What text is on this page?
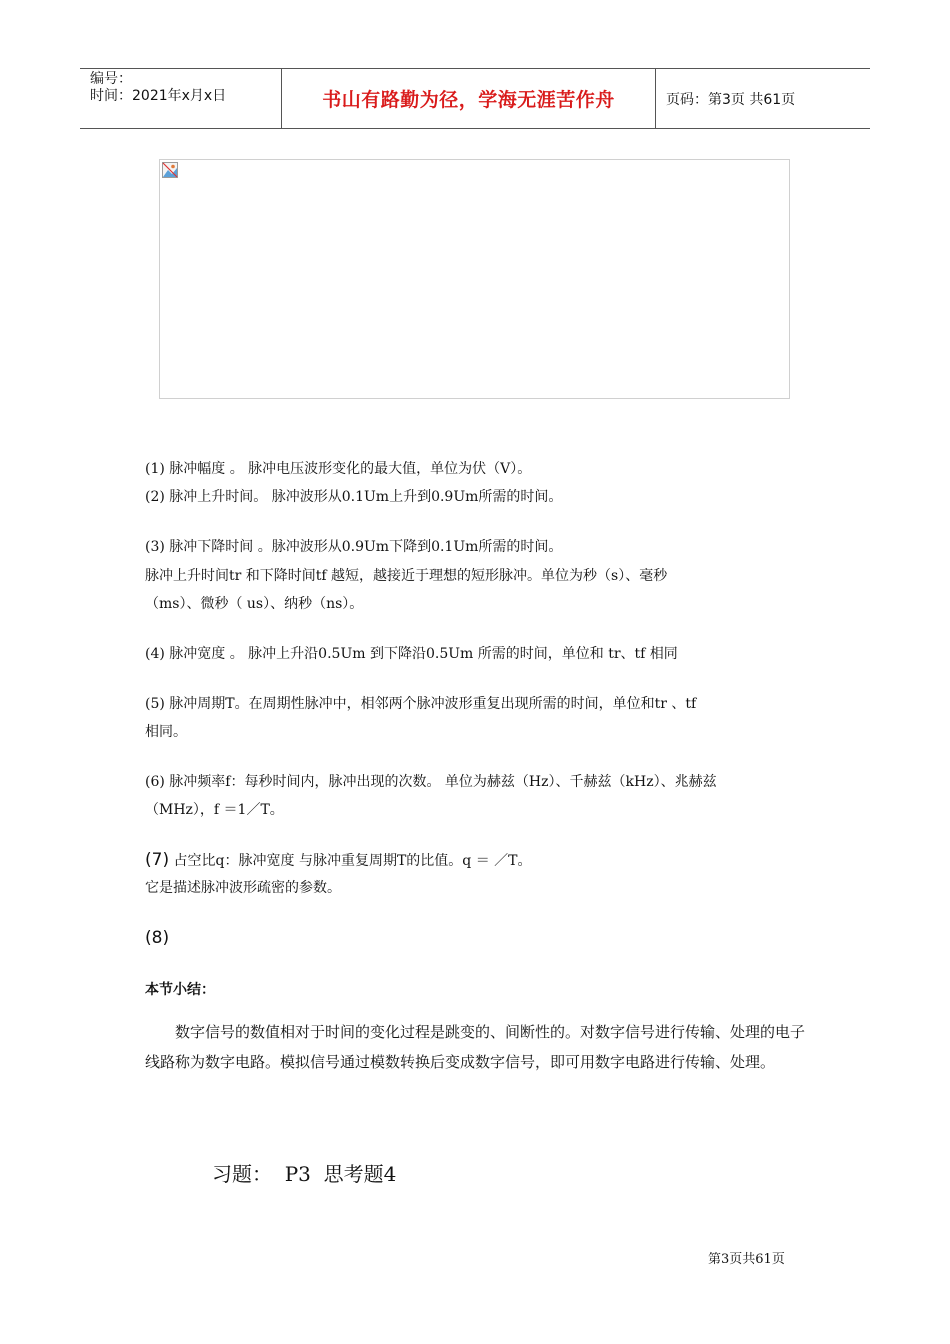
编号：
时间：2021年x月x日	书山有路勤为径，学海无涯苦作舟	页码：第3页 共61页
(1) 脉冲幅度 。 脉冲电压波形变化的最大值，单位为伏（V）。
(2) 脉冲上升时间。 脉冲波形从0.1Um上升到0.9Um所需的时间。
(3) 脉冲下降时间 。脉冲波形从0.9Um下降到0.1Um所需的时间。
脉冲上升时间tr 和下降时间tf 越短，越接近于理想的短形脉冲。单位为秒（s）、毫秒
（ms）、微秒（ us）、纳秒（ns）。
(4) 脉冲宽度 。 脉冲上升沿0.5Um 到下降沿0.5Um 所需的时间，单位和 tr、tf 相同
(5) 脉冲周期T。在周期性脉冲中，相邻两个脉冲波形重复出现所需的时间，单位和tr 、tf
相同。
(6) 脉冲频率f：每秒时间内，脉冲出现的次数。 单位为赫兹（Hz）、千赫兹（kHz）、兆赫兹
（MHz），f ＝1／T。
(7) 占空比q：脉冲宽度 与脉冲重复周期T的比值。q ＝ ／T。
它是描述脉冲波形疏密的参数。
(8)
本节小结：
数字信号的数值相对于时间的变化过程是跳变的、间断性的。对数字信号进行传输、处理的电子线路称为数字电路。模拟信号通过模数转换后变成数字信号，即可用数字电路进行传输、处理。
习题：  P3  思考题4
第3页共61页
